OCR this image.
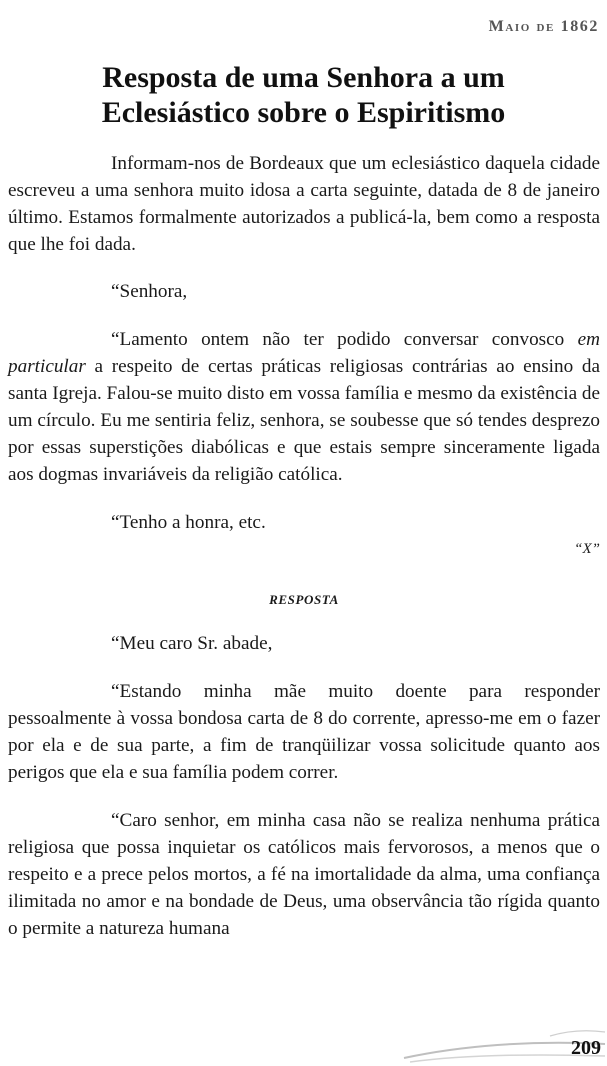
Maio de 1862
Resposta de uma Senhora a um
Eclesiástico sobre o Espiritismo

Informam-nos de Bordeaux que um eclesiástico daquela cidade escreveu a uma senhora muito idosa a carta seguinte, datada de 8 de janeiro último. Estamos formalmente autorizados a publicá-la, bem como a resposta que lhe foi dada.

“Senhora,

“Lamento ontem não ter podido conversar convosco em particular a respeito de certas práticas religiosas contrárias ao ensino da santa Igreja. Falou-se muito disto em vossa família e mesmo da existência de um círculo. Eu me sentiria feliz, senhora, se soubesse que só tendes desprezo por essas superstições diabólicas e que estais sempre sinceramente ligada aos dogmas invariáveis da religião católica.

“Tenho a honra, etc.

“X”

RESPOSTA

“Meu caro Sr. abade,

“Estando minha mãe muito doente para responder pessoalmente à vossa bondosa carta de 8 do corrente, apresso-me em o fazer por ela e de sua parte, a fim de tranqüilizar vossa solicitude quanto aos perigos que ela e sua família podem correr.

“Caro senhor, em minha casa não se realiza nenhuma prática religiosa que possa inquietar os católicos mais fervorosos, a menos que o respeito e a prece pelos mortos, a fé na imortalidade da alma, uma confiança ilimitada no amor e na bondade de Deus, uma observância tão rígida quanto o permite a natureza humana

209
